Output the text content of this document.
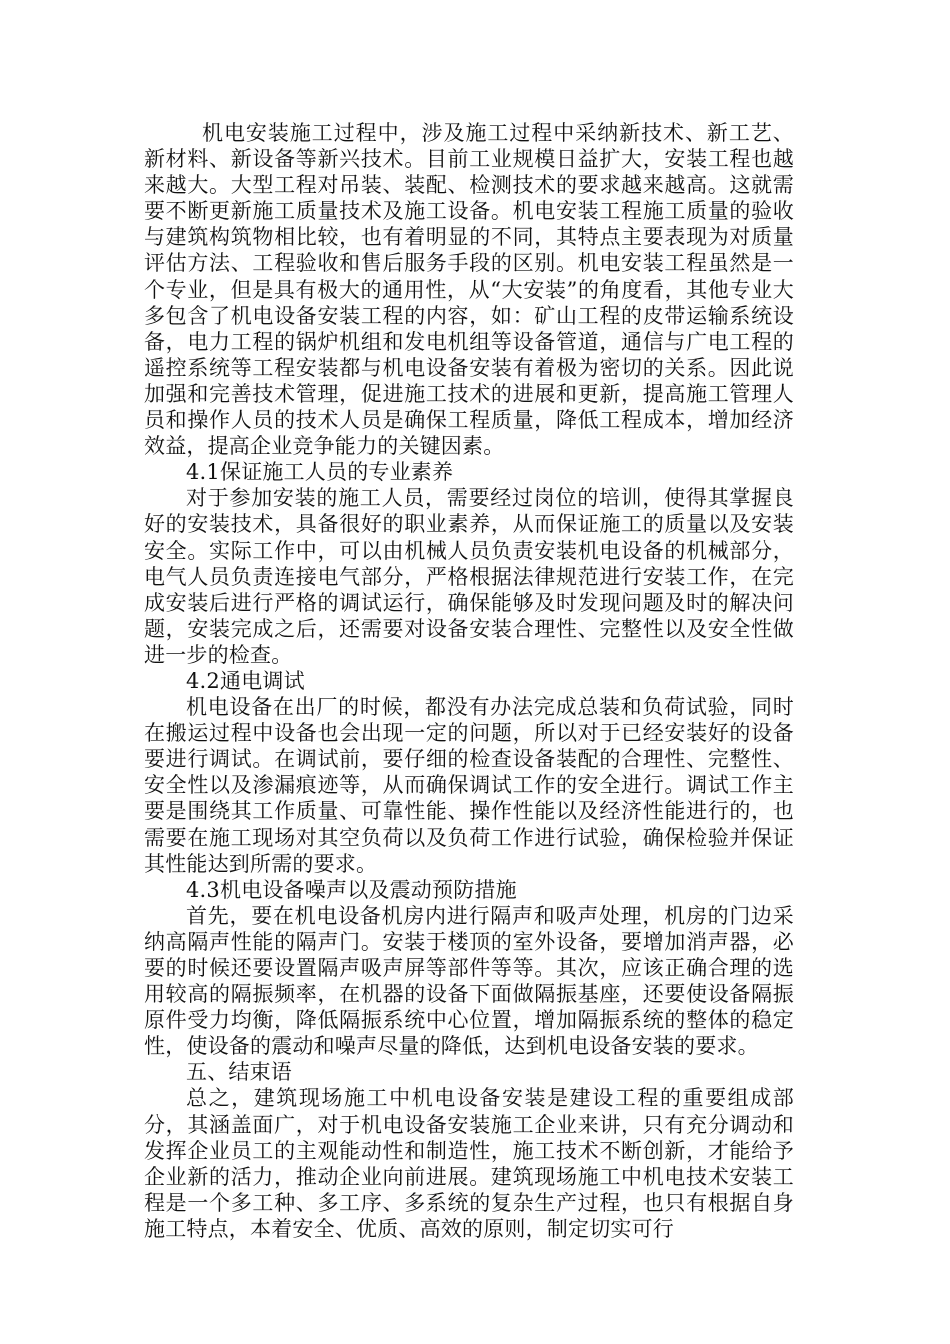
机电安装施工过程中，涉及施工过程中采纳新技术、新工艺、新材料、新设备等新兴技术。目前工业规模日益扩大，安装工程也越来越大。大型工程对吊装、装配、检测技术的要求越来越高。这就需要不断更新施工质量技术及施工设备。机电安装工程施工质量的验收与建筑构筑物相比较，也有着明显的不同，其特点主要表现为对质量评估方法、工程验收和售后服务手段的区别。机电安装工程虽然是一个专业，但是具有极大的通用性，从“大安装”的角度看，其他专业大多包含了机电设备安装工程的内容，如：矿山工程的皮带运输系统设备，电力工程的锅炉机组和发电机组等设备管道，通信与广电工程的遥控系统等工程安装都与机电设备安装有着极为密切的关系。因此说加强和完善技术管理，促进施工技术的进展和更新，提高施工管理人员和操作人员的技术人员是确保工程质量，降低工程成本，增加经济效益，提高企业竞争能力的关键因素。

4.1保证施工人员的专业素养

对于参加安装的施工人员，需要经过岗位的培训，使得其掌握良好的安装技术，具备很好的职业素养，从而保证施工的质量以及安装安全。实际工作中，可以由机械人员负责安装机电设备的机械部分，电气人员负责连接电气部分，严格根据法律规范进行安装工作，在完成安装后进行严格的调试运行，确保能够及时发现问题及时的解决问题，安装完成之后，还需要对设备安装合理性、完整性以及安全性做进一步的检查。

4.2通电调试

机电设备在出厂的时候，都没有办法完成总装和负荷试验，同时在搬运过程中设备也会出现一定的问题，所以对于已经安装好的设备要进行调试。在调试前，要仔细的检查设备装配的合理性、完整性、安全性以及渗漏痕迹等，从而确保调试工作的安全进行。调试工作主要是围绕其工作质量、可靠性能、操作性能以及经济性能进行的，也需要在施工现场对其空负荷以及负荷工作进行试验，确保检验并保证其性能达到所需的要求。

4.3机电设备噪声以及震动预防措施

首先，要在机电设备机房内进行隔声和吸声处理，机房的门边采纳高隔声性能的隔声门。安装于楼顶的室外设备，要增加消声器，必要的时候还要设置隔声吸声屏等部件等等。其次，应该正确合理的选用较高的隔振频率，在机器的设备下面做隔振基座，还要使设备隔振原件受力均衡，降低隔振系统中心位置，增加隔振系统的整体的稳定性，使设备的震动和噪声尽量的降低，达到机电设备安装的要求。

五、结束语

总之，建筑现场施工中机电设备安装是建设工程的重要组成部分，其涵盖面广，对于机电设备安装施工企业来讲，只有充分调动和发挥企业员工的主观能动性和制造性，施工技术不断创新，才能给予企业新的活力，推动企业向前进展。建筑现场施工中机电技术安装工程是一个多工种、多工序、多系统的复杂生产过程，也只有根据自身施工特点，本着安全、优质、高效的原则，制定切实可行
